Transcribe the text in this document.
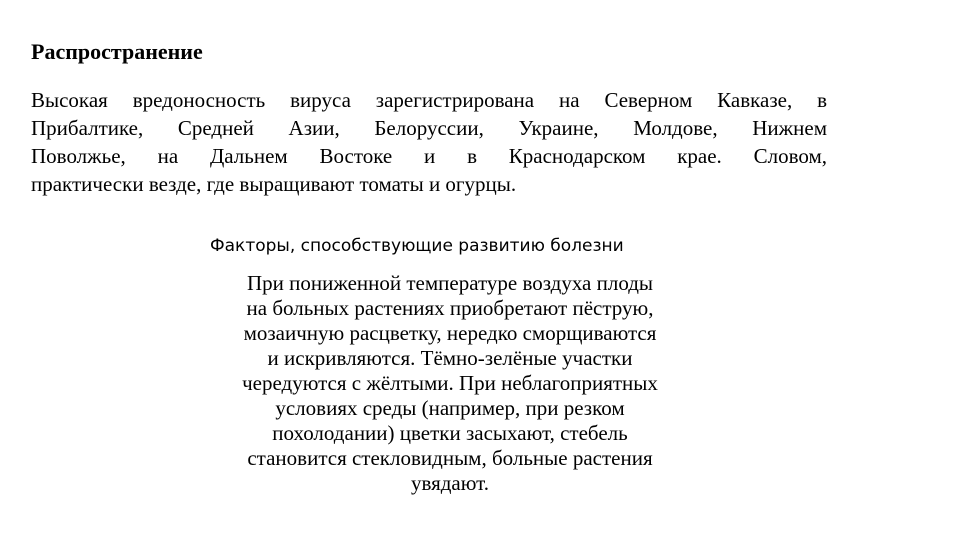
Распространение
Высокая вредоносность вируса зарегистрирована на Северном Кавказе, в
Прибалтике, Средней Азии, Белоруссии, Украине, Молдове, Нижнем
Поволжье, на Дальнем Востоке и в Краснодарском крае. Словом,
практически везде, где выращивают томаты и огурцы.
Факторы, способствующие развитию болезни
При пониженной температуре воздуха плоды
на больных растениях приобретают пёструю,
мозаичную расцветку, нередко сморщиваются
и искривляются. Тёмно-зелёные участки
чередуются с жёлтыми. При неблагоприятных
условиях среды (например, при резком
похолодании) цветки засыхают, стебель
становится стекловидным, больные растения
увядают.
